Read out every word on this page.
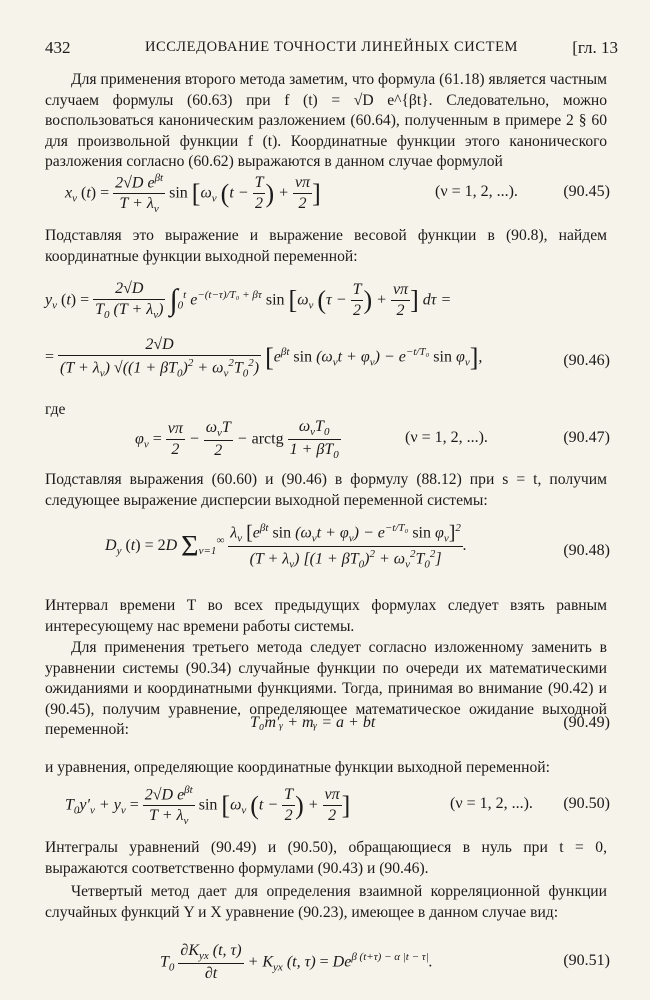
432	ИССЛЕДОВАНИЕ ТОЧНОСТИ ЛИНЕЙНЫХ СИСТЕМ	[гл. 13
Для применения второго метода заметим, что формула (61.18) является частным случаем формулы (60.63) при f (t) = √D e^{βt}. Следовательно, можно воспользоваться каноническим разложением (60.64), полученным в примере 2 § 60 для произвольной функции f (t). Координатные функции этого канонического разложения согласно (60.62) выражаются в данном случае формулой
$x_\nu$ $(t) = \frac{2√D e^{\beta t}}{T + \lambda_\nu}$ $\sin [\omega_\nu$ ($t - \frac{T}{2}$ ) + $\frac{\nu\pi}{2}$ ]	(ν = 1, 2, ...).	(90.45)
Подставляя это выражение и выражение весовой функции в (90.8), найдем координатные функции выходной переменной:
$y_\nu$ $(t) = \frac{2√D}{T_0 (T + \lambda_\nu)} \int_0^t$ $e^{-(t-\tau)/T_0 + \beta\tau}$ $\sin [\omega_\nu$ ($\tau - \frac{T}{2}$ ) + $\frac{\nu\pi}{2}$ ] dτ =
= $\frac{2√D}{(T + \lambda_\nu) √((1 + \beta T_0)^2 + \omega_\nu^2T_0^2)} [e^{\beta t}$ $\sin (\omega_\nu t + \varphi_\nu) - e^{-t/T_0}$ $\sin \varphi_\nu$],	(90.46)
где
$\varphi_\nu = \frac{\nu\pi}{2} - \frac{\omega_\nu T}{2}$ − arctg $\frac{\omega_\nu T_0}{1 + \beta T_0}$	(ν = 1, 2, ...).	(90.47)
Подставляя выражения (60.60) и (90.46) в формулу (88.12) при s = t, получим следующее выражение дисперсии выходной переменной системы:
$D_y$ (t) = 2D $\Sigma_{\nu=1}^\infty \frac{\lambda_\nu [e^{\beta t} \sin (\omega_\nu t + \varphi_\nu) - e^{-t/T_0} \sin \varphi_\nu]^2}{(T + \lambda_\nu) [(1 + \beta T_0)^2 + \omega_\nu^2T_0^2]}$ .	(90.48)
Интервал времени T во всех предыдущих формулах следует взять равным интересующему нас времени работы системы.
Для применения третьего метода следует согласно изложенному заменить в уравнении системы (90.34) случайные функции по очереди их математическими ожиданиями и координатными функциями. Тогда, принимая во внимание (90.42) и (90.45), получим уравнение, определяющее математическое ожидание выходной переменной:	T₀m′ᵧ + mᵧ = a + bt	(90.49)
и уравнения, определяющие координатные функции выходной переменной:
$T_0y'_\nu + y_\nu = \frac{2√D e^{\beta t}}{T + \lambda_\nu}$ $\sin [\omega_\nu$ ($t - \frac{T}{2}$ ) + $\frac{\nu\pi}{2}$ ]	(ν = 1, 2, ...). (90.50)
Интегралы уравнений (90.49) и (90.50), обращающиеся в нуль при t = 0, выражаются соответственно формулами (90.43) и (90.46).
Четвертый метод дает для определения взаимной корреляционной функции случайных функций Y и X уравнение (90.23), имеющее в данном случае вид:
$T_0 \frac{\partial K_{yx} (t, \tau)}{\partial t} + K_{yx}$ (t, $\tau) = De^{\beta (t+\tau) - \alpha |t - \tau|}$.	(90.51)
